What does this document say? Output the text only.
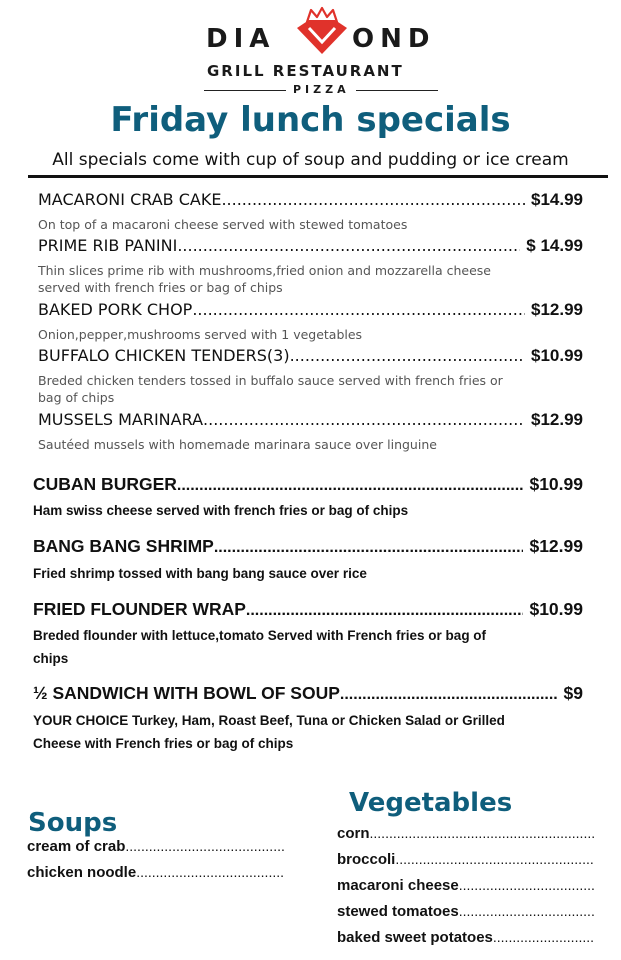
DIA	OND
GRILL RESTAURANT
PIZZA
Friday lunch specials
All specials come with cup of soup and pudding or ice cream
MACARONI CRAB CAKE .....	$14.99
On top of a macaroni cheese served with stewed tomatoes
PRIME RIB PANINI .....	$ 14.99
Thin slices prime rib with mushrooms,fried onion and mozzarella cheese served with french fries or bag of chips
BAKED PORK CHOP .....	$12.99
Onion,pepper,mushrooms served with 1 vegetables
BUFFALO CHICKEN TENDERS(3) .....	$10.99
Breded chicken tenders tossed in buffalo sauce served with french fries or bag of chips
MUSSELS MARINARA .....	$12.99
Sautéed mussels with homemade marinara sauce over linguine
CUBAN BURGER .....	$10.99
Ham swiss cheese served with french fries or bag of chips
BANG BANG SHRIMP .....	$12.99
Fried shrimp tossed with bang bang sauce over rice
FRIED FLOUNDER WRAP .....	$10.99
Breded flounder with lettuce,tomato Served with French fries or bag of chips
½ SANDWICH WITH BOWL OF SOUP .....	$9
YOUR CHOICE Turkey, Ham, Roast Beef, Tuna or Chicken Salad or Grilled Cheese with French fries or bag of chips
Soups
cream of crab
.....
chicken noodle
.....
Vegetables
corn
.....
broccoli
.....
macaroni cheese
.....
stewed tomatoes
.....
baked sweet potatoes
.....
